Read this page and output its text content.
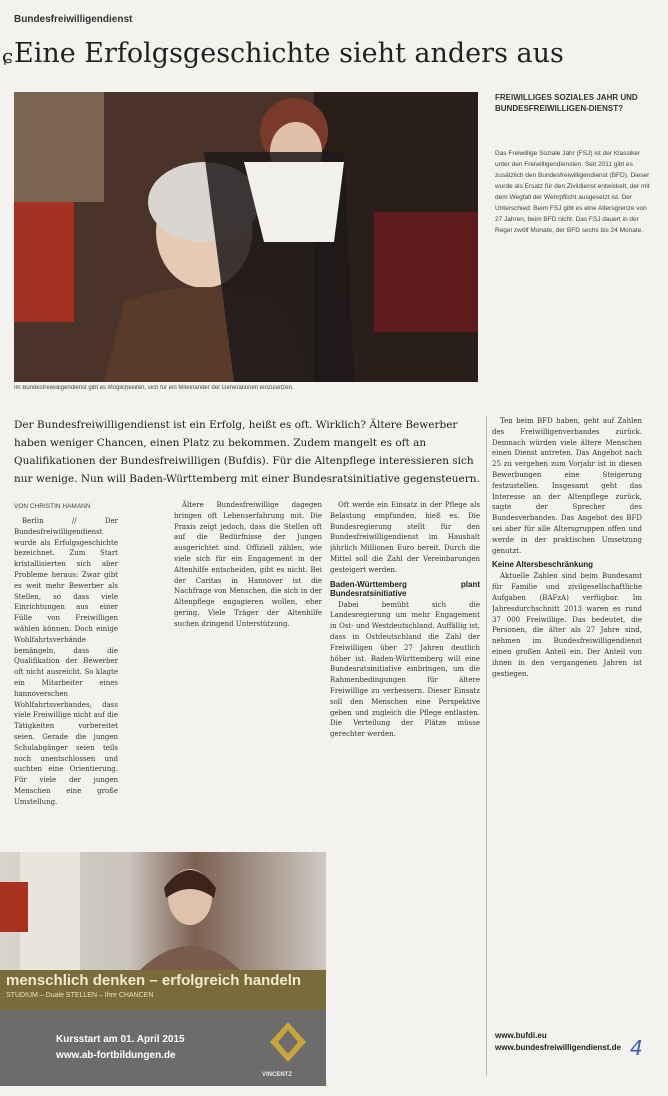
ɕ
Bundesfreiwilligendienst
Eine Erfolgsgeschichte sieht anders aus
Im Bundesfreiwilligendienst gibt es Möglichkeiten, sich für ein Miteinander der Generationen einzusetzen.
FREIWILLIGES SOZIALES JAHR UND BUNDESFREIWILLIGEN-DIENST?
Das Freiwillige Soziale Jahr (FSJ) ist der Klassiker unter den Freiwilligendiensten. Seit 2011 gibt es zusätzlich den Bundesfreiwilligendienst (BFD). Dieser wurde als Ersatz für den Zivildienst entwickelt, der mit dem Wegfall der Wehrpflicht ausgesetzt ist. Der Unterschied: Beim FSJ gibt es eine Altersgrenze von 27 Jahren, beim BFD nicht. Das FSJ dauert in der Regel zwölf Monate, der BFD sechs bis 24 Monate.
Der Bundesfreiwilligendienst ist ein Erfolg, heißt es oft. Wirklich? Ältere Bewerber haben weniger Chancen, einen Platz zu bekommen. Zudem mangelt es oft an Qualifikationen der Bundesfreiwilligen (Bufdis). Für die Altenpflege interessieren sich nur wenige. Nun will Baden-Württemberg mit einer Bundesratsinitiative gegensteuern.
VON CHRISTIN HAMANN

Berlin // Der Bundesfreiwilligendienst wurde als Erfolgsgeschichte bezeichnet. Zum Start kristallisierten sich aber Probleme heraus: Zwar gibt es weit mehr Bewerber als Stellen, so dass viele Einrichtungen aus einer Fülle von Freiwilligen wählen können. Doch einige Wohlfahrtsverbände bemängeln, dass die Qualifikation der Bewerber oft nicht ausreicht. So klagte ein Mitarbeiter eines hannoverschen Wohlfahrtsverbandes, dass viele Freiwillige nicht auf die Tätigkeiten vorbereitet seien. Gerade die jungen Schulabgänger seien teils noch unentschlossen und suchten eine Orientierung. Für viele der jungen Menschen eine große Umstellung.

Ältere Bundesfreiwillige dagegen bringen oft Lebenserfahrung mit. Die Praxis zeigt jedoch, dass die Stellen oft auf die Bedürfnisse der Jungen ausgerichtet sind. Offiziell zählen, wie viele sich für ein Engagement in der Altenhilfe entscheiden, gibt es nicht. Bei der Caritas in Hannover ist die Nachfrage von Menschen, die sich in der Altenpflege engagieren wollen, eher gering. Viele Träger der Altenhilfe suchen dringend Unterstützung.

Oft werde ein Einsatz in der Pflege als Belastung empfunden, hieß es. Die Bundesregierung stellt für den Bundesfreiwilligendienst im Haushalt jährlich Millionen Euro bereit. Durch die Mittel soll die Zahl der Vereinbarungen gesteigert werden.

Baden-Württemberg plant Bundesratsinitiative

Dabei bemüht sich die Landesregierung um mehr Engagement in Ost- und Westdeutschland. Auffällig ist, dass in Ostdeutschland die Zahl der Freiwilligen über 27 Jahren deutlich höher ist. Baden-Württemberg will eine Bundesratsinitiative einbringen, um die Rahmenbedingungen für ältere Freiwillige zu verbessern. Dieser Einsatz soll den Menschen eine Perspektive geben und zugleich die Pflege entlasten. Die Verteilung der Plätze müsse gerechter werden.

Ten beim BFD haben, geht auf Zahlen des Freiwilligenverbandes zurück. Demnach würden viele ältere Menschen einen Dienst antreten. Das Angebot nach 25 zu vergeben zum Vorjahr ist in diesen Bewerbungen eine Steigerung festzustellen. Insgesamt geht das Interesse an der Altenpflege zurück, sagte der Sprecher des Bundesverbandes. Das Angebot des BFD sei aber für alle Altersgruppen offen und werde in der praktischen Umsetzung genutzt.

Keine Altersbeschränkung

Aktuelle Zahlen sind beim Bundesamt für Familie und zivilgesellschaftliche Aufgaben (BAFzA) verfügbar. Im Jahresdurchschnitt 2013 waren es rund 37 000 Freiwillige. Das bedeutet, die Personen, die älter als 27 Jahre sind, nehmen im Bundesfreiwilligendienst einen großen Anteil ein. Der Anteil von ihnen in den vergangenen Jahren ist gestiegen.

menschlich denken – erfolgreich handeln
STUDIUM – Duale STELLEN – Ihre CHANCEN
Kursstart am 01. April 2015
www.ab-fortbildungen.de
VINCENTZ
www.bufdi.eu
www.bundesfreiwilligendienst.de 4
